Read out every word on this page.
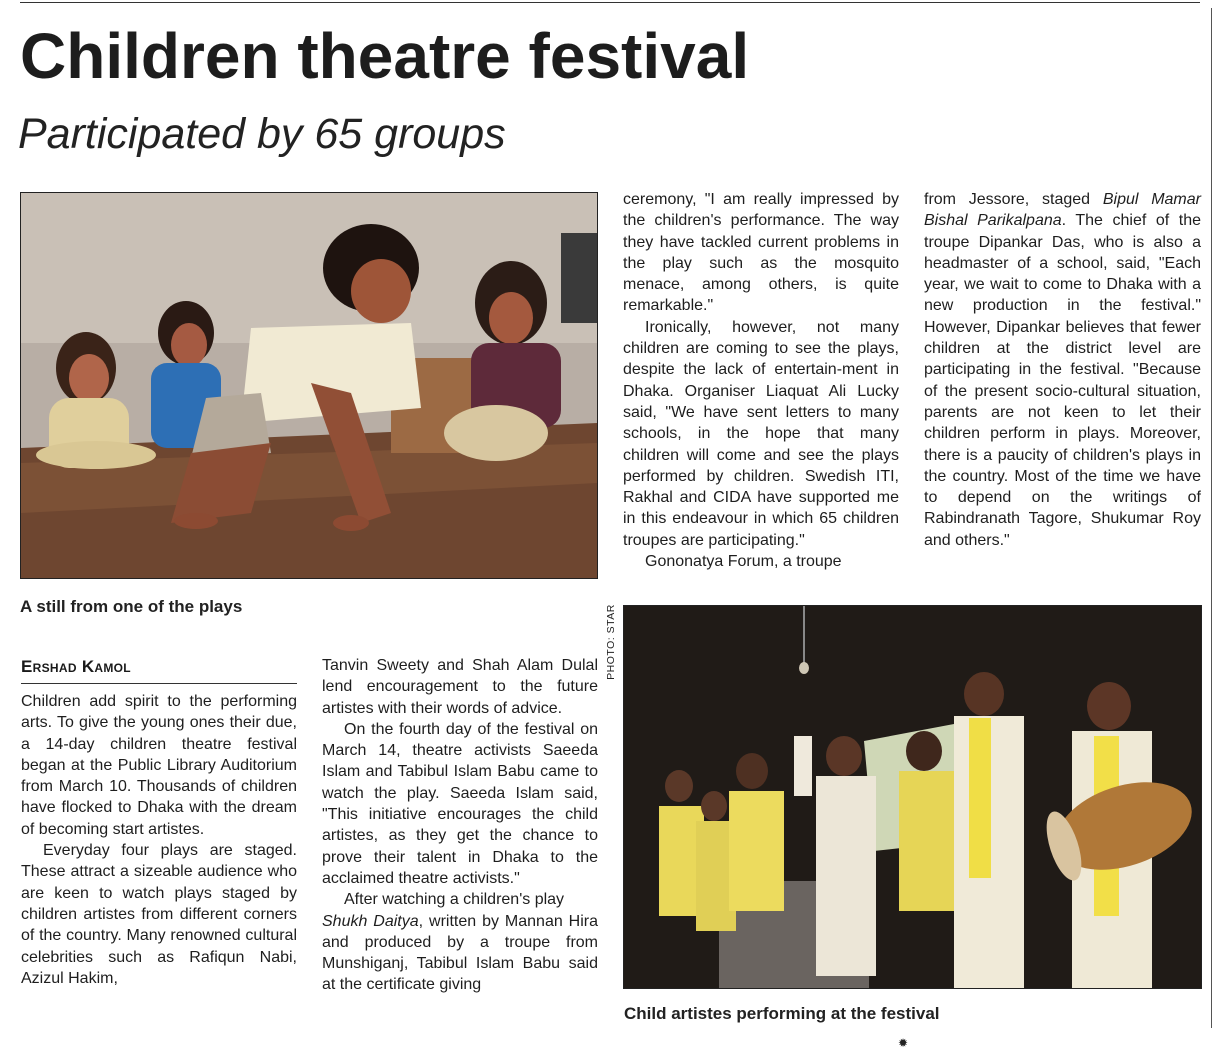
Children theatre festival
Participated by 65 groups
A still from one of the plays	PHOTO: STAR
Child artistes performing at the festival
Ershad Kamol

Children add spirit to the performing arts. To give the young ones their due, a 14-day children theatre festival began at the Public Library Auditorium from March 10. Thousands of children have flocked to Dhaka with the dream of becoming start artistes.

Everyday four plays are staged. These attract a sizeable audience who are keen to watch plays staged by children artistes from different corners of the country. Many renowned cultural celebrities such as Rafiqun Nabi, Azizul Hakim,

Tanvin Sweety and Shah Alam Dulal lend encouragement to the future artistes with their words of advice.

On the fourth day of the festival on March 14, theatre activists Saeeda Islam and Tabibul Islam Babu came to watch the play. Saeeda Islam said, "This initiative encourages the child artistes, as they get the chance to prove their talent in Dhaka to the acclaimed theatre activists."

After watching a children's play
Shukh Daitya, written by Mannan Hira and produced by a troupe from Munshiganj, Tabibul Islam Babu said at the certificate giving

ceremony, "I am really impressed by the children's performance. The way they have tackled current problems in the play such as the mosquito menace, among others, is quite remarkable."

Ironically, however, not many children are coming to see the plays, despite the lack of entertain-ment in Dhaka. Organiser Liaquat Ali Lucky said, "We have sent letters to many schools, in the hope that many children will come and see the plays performed by children. Swedish ITI, Rakhal and CIDA have supported me in this endeavour in which 65 children troupes are participating."

Gononatya Forum, a troupe

from Jessore, staged Bipul Mamar Bishal Parikalpana. The chief of the troupe Dipankar Das, who is also a headmaster of a school, said, "Each year, we wait to come to Dhaka with a new production in the festival." However, Dipankar believes that fewer children at the district level are participating in the festival. "Because of the present socio-cultural situation, parents are not keen to let their children perform in plays. Moreover, there is a paucity of children's plays in the country. Most of the time we have to depend on the writings of Rabindranath Tagore, Shukumar Roy and others."

✹
